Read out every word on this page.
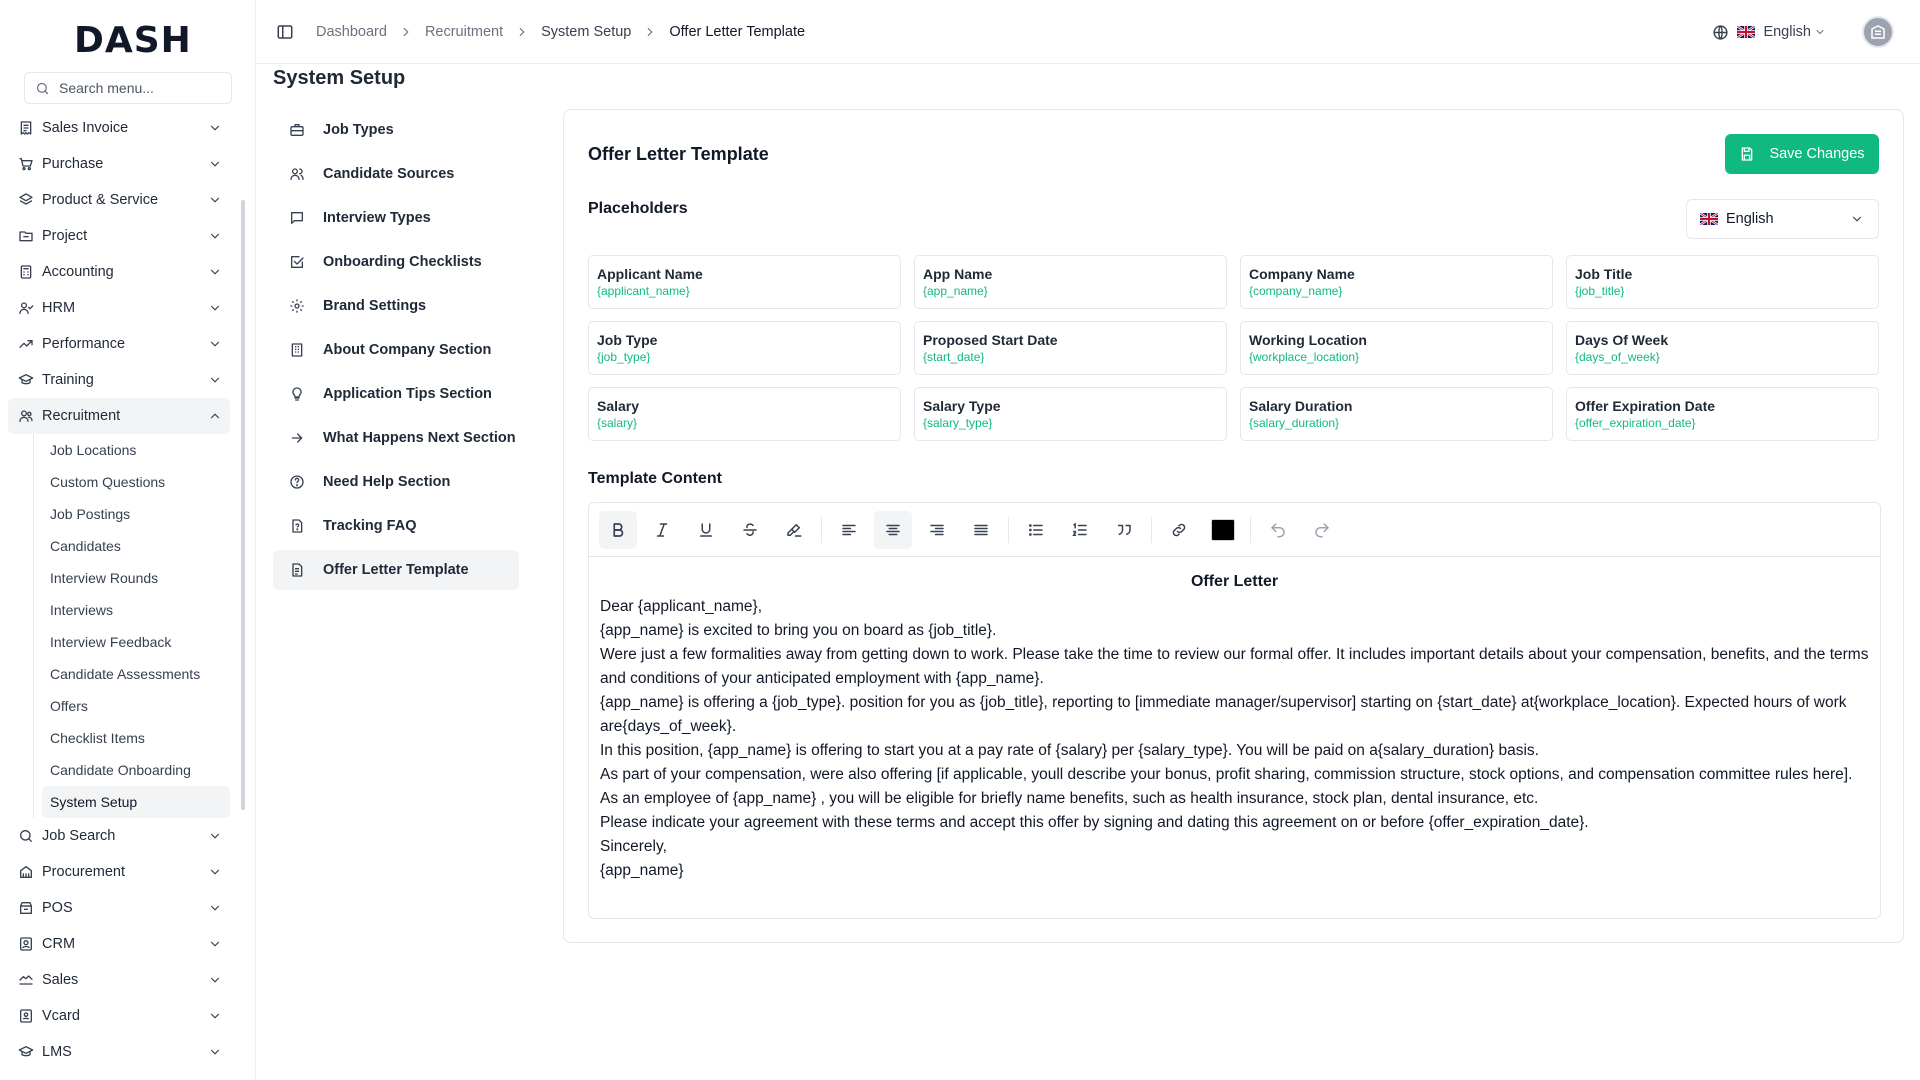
DASH
Search menu...
Sales Invoice
Purchase
Product & Service
Project
Accounting
HRM
Performance
Training
Recruitment
Job Locations
Custom Questions
Job Postings
Candidates
Interview Rounds
Interviews
Interview Feedback
Candidate Assessments
Offers
Checklist Items
Candidate Onboarding
System Setup
Job Search
Procurement
POS
CRM
Sales
Vcard
LMS
Dashboard	Recruitment	System Setup	Offer Letter Template	English
System Setup
Job Types
Candidate Sources
Interview Types
Onboarding Checklists
Brand Settings
About Company Section
Application Tips Section
What Happens Next Section
Need Help Section
Tracking FAQ
Offer Letter Template
Offer Letter Template	Save Changes
Placeholders
English
Applicant Name
{applicant_name}
App Name
{app_name}
Company Name
{company_name}
Job Title
{job_title}
Job Type
{job_type}
Proposed Start Date
{start_date}
Working Location
{workplace_location}
Days Of Week
{days_of_week}
Salary
{salary}
Salary Type
{salary_type}
Salary Duration
{salary_duration}
Offer Expiration Date
{offer_expiration_date}
Template Content

Offer Letter

Dear {applicant_name},

{app_name} is excited to bring you on board as {job_title}.

Were just a few formalities away from getting down to work. Please take the time to review our formal offer. It includes important details about your compensation, benefits, and the terms and conditions of your anticipated employment with {app_name}.

{app_name} is offering a {job_type}. position for you as {job_title}, reporting to [immediate manager/supervisor] starting on {start_date} at{workplace_location}. Expected hours of work are{days_of_week}.

In this position, {app_name} is offering to start you at a pay rate of {salary} per {salary_type}. You will be paid on a{salary_duration} basis.

As part of your compensation, were also offering [if applicable, youll describe your bonus, profit sharing, commission structure, stock options, and compensation committee rules here].

As an employee of {app_name} , you will be eligible for briefly name benefits, such as health insurance, stock plan, dental insurance, etc.

Please indicate your agreement with these terms and accept this offer by signing and dating this agreement on or before {offer_expiration_date}.

Sincerely,

{app_name}
